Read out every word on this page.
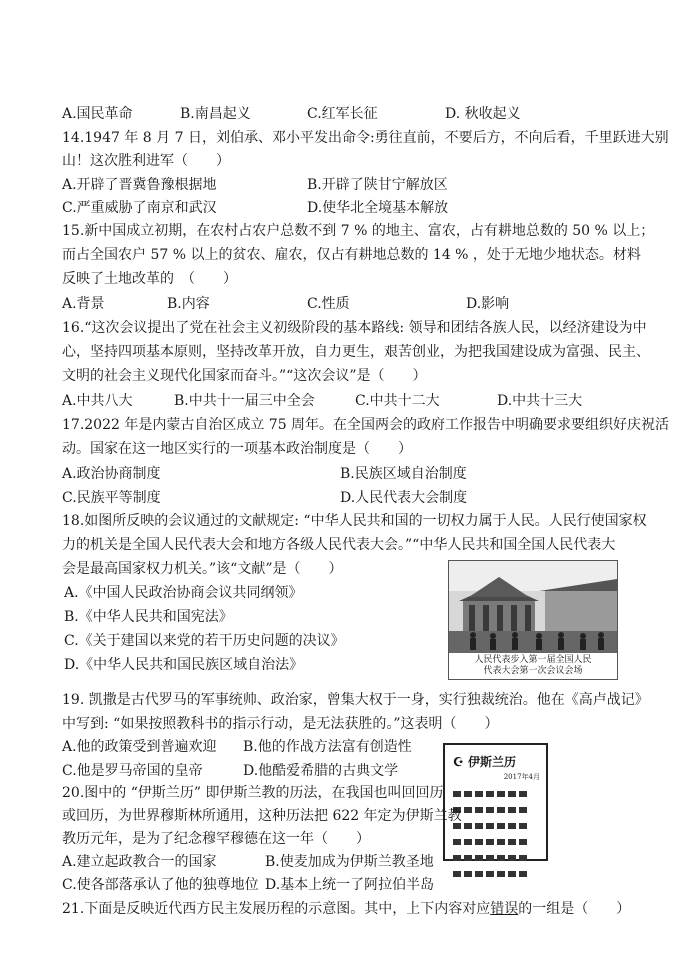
A.国民革命	B.南昌起义	C.红军长征	D. 秋收起义
14.1947 年 8 月 7 日，刘伯承、邓小平发出命令:勇往直前，不要后方，不向后看，千里跃进大别
山！这次胜利进军（　　）
A.开辟了晋冀鲁豫根据地	B.开辟了陕甘宁解放区
C.严重威胁了南京和武汉	D.使华北全境基本解放
15.新中国成立初期，在农村占农户总数不到 7 % 的地主、富农，占有耕地总数的 50 % 以上；
而占全国农户 57 % 以上的贫农、雇农，仅占有耕地总数的 14 % ，处于无地少地状态。材料
反映了土地改革的　（　　）
A.背景	B.内容	C.性质	D.影响
16.“这次会议提出了党在社会主义初级阶段的基本路线: 领导和团结各族人民，以经济建设为中
心，坚持四项基本原则，坚持改革开放，自力更生，艰苦创业，为把我国建设成为富强、民主、
文明的社会主义现代化国家而奋斗。”“这次会议”是（　　）
A.中共八大	B.中共十一届三中全会	C.中共十二大	D.中共十三大
17.2022 年是内蒙古自治区成立 75 周年。在全国两会的政府工作报告中明确要求要组织好庆祝活
动。国家在这一地区实行的一项基本政治制度是（　　）
A.政治协商制度	B.民族区域自治制度
C.民族平等制度	D.人民代表大会制度
18.如图所反映的会议通过的文献规定: “中华人民共和国的一切权力属于人民。人民行使国家权
力的机关是全国人民代表大会和地方各级人民代表大会。”“中华人民共和国全国人民代表大
会是最高国家权力机关。”该“文献”是（　　）
A.《中国人民政治协商会议共同纲领》
B.《中华人民共和国宪法》
C.《关于建国以来党的若干历史问题的决议》
D.《中华人民共和国民族区域自治法》	人民代表步入第一届全国人民
代表大会第一次会议会场
19. 凯撒是古代罗马的军事统帅、政治家，曾集大权于一身，实行独裁统治。他在《高卢战记》
中写到: “如果按照教科书的指示行动，是无法获胜的。”这表明（　　）
A.他的政策受到普遍欢迎 B.他的作战方法富有创造性
C.他是罗马帝国的皇帝	D.他酷爱希腊的古典文学
☪ 伊斯兰历
2017年4月

20.图中的 “伊斯兰历” 即伊斯兰教的历法，在我国也叫回回历
或回历，为世界穆斯林所通用，这种历法把 622 年定为伊斯兰教
教历元年，是为了纪念穆罕穆德在这一年（　　）
A.建立起政教合一的国家	B.使麦加成为伊斯兰教圣地
C.使各部落承认了他的独尊地位 D.基本上统一了阿拉伯半岛
21.下面是反映近代西方民主发展历程的示意图。其中，上下内容对应错误的一组是（　　）
